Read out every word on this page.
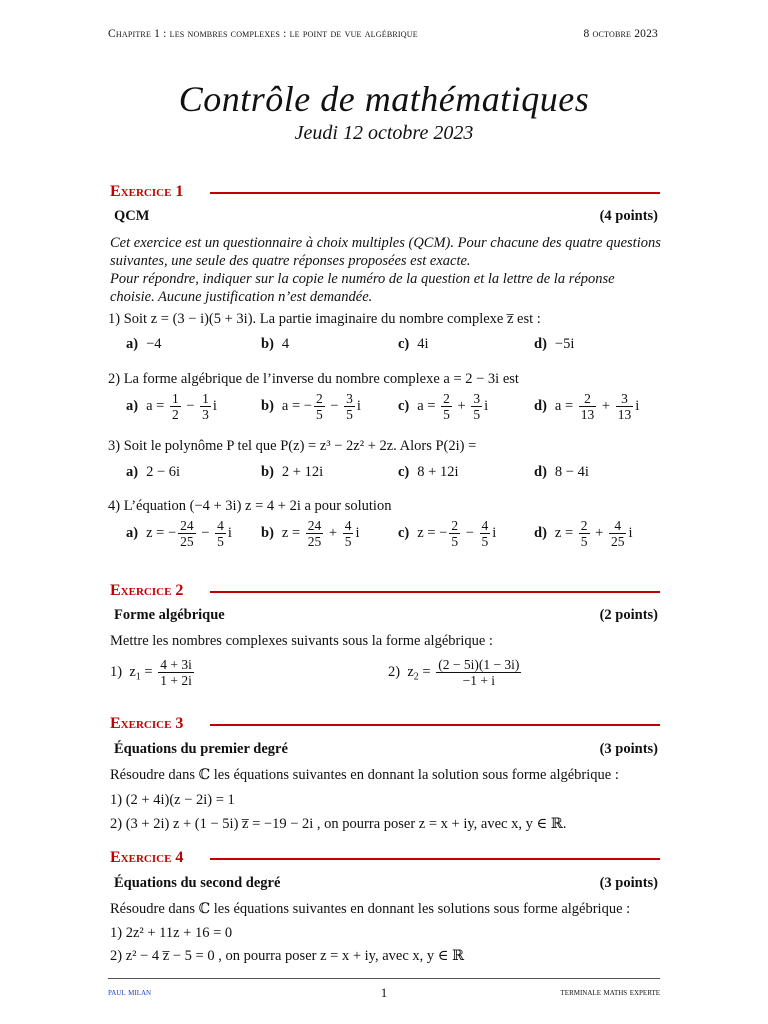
Chapitre 1 : les nombres complexes : le point de vue algébrique	8 octobre 2023
Contrôle de mathématiques
Jeudi 12 octobre 2023
Exercice 1
QCM	(4 points)
Cet exercice est un questionnaire à choix multiples (QCM). Pour chacune des quatre questions suivantes, une seule des quatre réponses proposées est exacte.
Pour répondre, indiquer sur la copie le numéro de la question et la lettre de la réponse choisie. Aucune justification n’est demandée.
1) Soit z = (3 − i)(5 + 3i). La partie imaginaire du nombre complexe z̅ est :
a) −4	b) 4	c) 4i	d) −5i
2) La forme algébrique de l’inverse du nombre complexe a = 2 − 3i est
a) $a = \frac{1}{2} - \frac{1}{3}$ i	b) a = − $\frac{2}{5} - \frac{3}{5}$ i	c) $a = \frac{2}{5} + \frac{3}{5}$ i	d) $a = \frac{2}{13} + \frac{3}{13}$ i
3) Soit le polynôme P tel que P(z) = z³ − 2z² + 2z. Alors P(2i) =
a) 2 − 6i	b) 2 + 12i	c) 8 + 12i	d) 8 − 4i
4) L’équation (−4 + 3i) z = 4 + 2i a pour solution
a) z = − $\frac{24}{25} - \frac{4}{5}$ i	b) $z = \frac{24}{25} + \frac{4}{5}$ i	c) z = − $\frac{2}{5} - \frac{4}{5}$ i	d) $z = \frac{2}{5} + \frac{4}{25}$ i
Exercice 2
Forme algébrique	(2 points)
Mettre les nombres complexes suivants sous la forme algébrique :
1)  $z_1 = \frac{4 + 3i}{1 + 2i}$	2)  $z_2 = \frac{(2 - 5i)(1 - 3i)}{-1 + i}$
Exercice 3
Équations du premier degré	(3 points)
Résoudre dans ℂ les équations suivantes en donnant la solution sous forme algébrique :
1) (2 + 4i)(z − 2i) = 1
2) (3 + 2i) z + (1 − 5i) z̅ = −19 − 2i , on pourra poser z = x + iy, avec x, y ∈ ℝ.
Exercice 4
Équations du second degré	(3 points)
Résoudre dans ℂ les équations suivantes en donnant les solutions sous forme algébrique :
1) 2z² + 11z + 16 = 0
2) z² − 4 z̅ − 5 = 0 , on pourra poser z = x + iy, avec x, y ∈ ℝ
paul milan	1	terminale maths experte
